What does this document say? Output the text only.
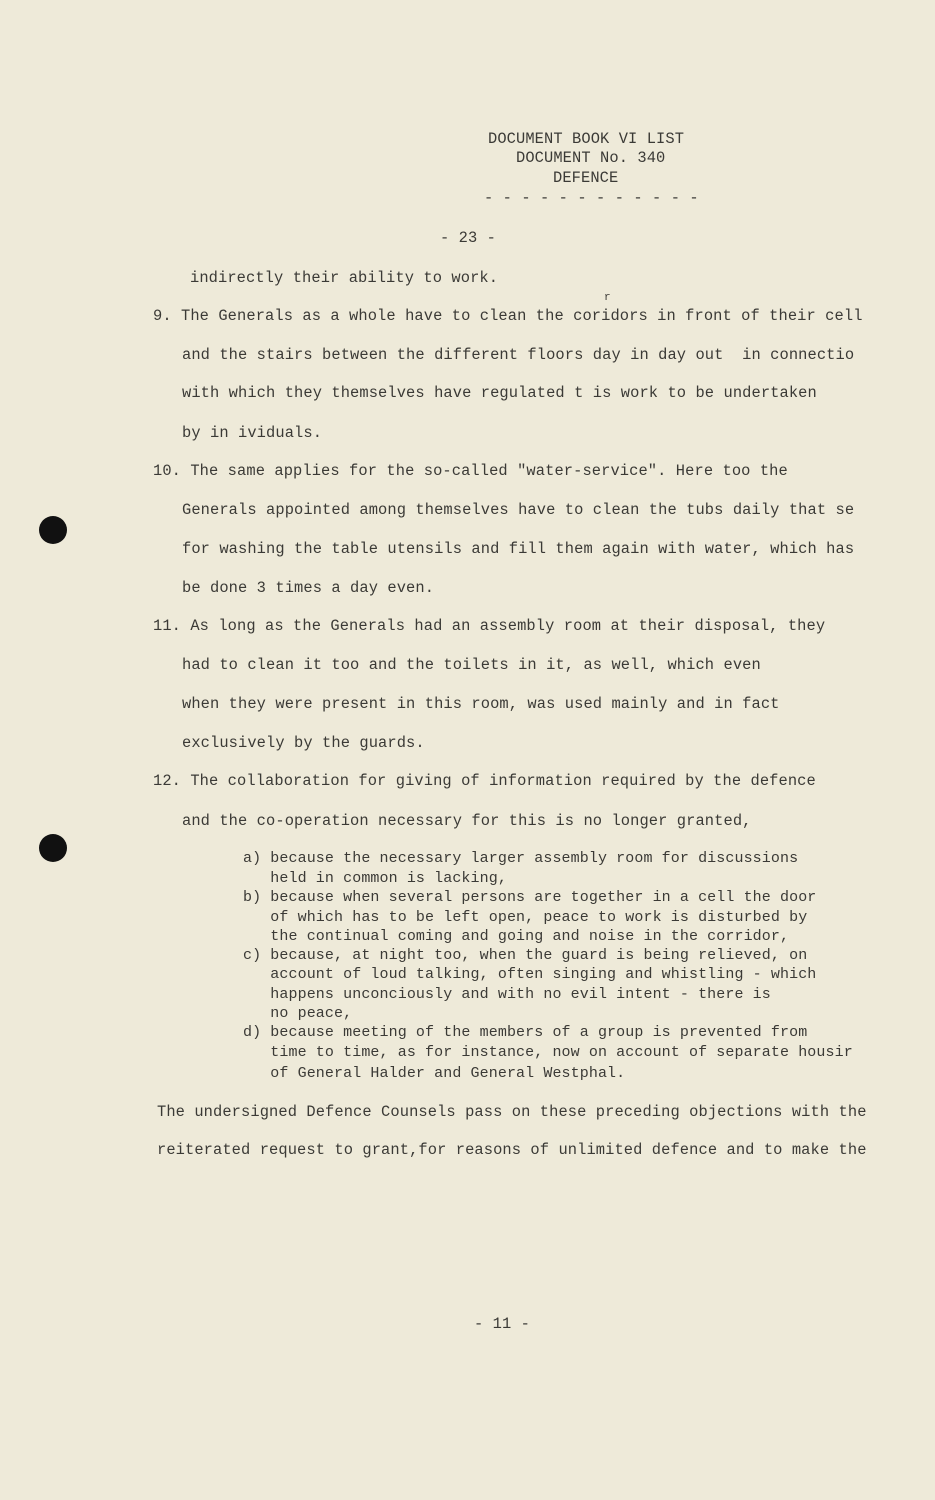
DOCUMENT BOOK VI LIST
DOCUMENT No. 340
DEFENCE
- - - - - - - - - - - -
- 23 -
indirectly their ability to work.
r
9. The Generals as a whole have to clean the coridors in front of their cell
and the stairs between the different floors day in day out  in connectio
with which they themselves have regulated t is work to be undertaken
by in ividuals.
10. The same applies for the so-called "water-service". Here too the
Generals appointed among themselves have to clean the tubs daily that se
for washing the table utensils and fill them again with water, which has
be done 3 times a day even.
11. As long as the Generals had an assembly room at their disposal, they
had to clean it too and the toilets in it, as well, which even
when they were present in this room, was used mainly and in fact
exclusively by the guards.
12. The collaboration for giving of information required by the defence
and the co-operation necessary for this is no longer granted,
a) because the necessary larger assembly room for discussions
held in common is lacking,
b) because when several persons are together in a cell the door
of which has to be left open, peace to work is disturbed by
the continual coming and going and noise in the corridor,
c) because, at night too, when the guard is being relieved, on
account of loud talking, often singing and whistling - which
happens unconciously and with no evil intent - there is
no peace,
d) because meeting of the members of a group is prevented from
time to time, as for instance, now on account of separate housir
of General Halder and General Westphal.
The undersigned Defence Counsels pass on these preceding objections with the
reiterated request to grant,for reasons of unlimited defence and to make the
- 11 -
